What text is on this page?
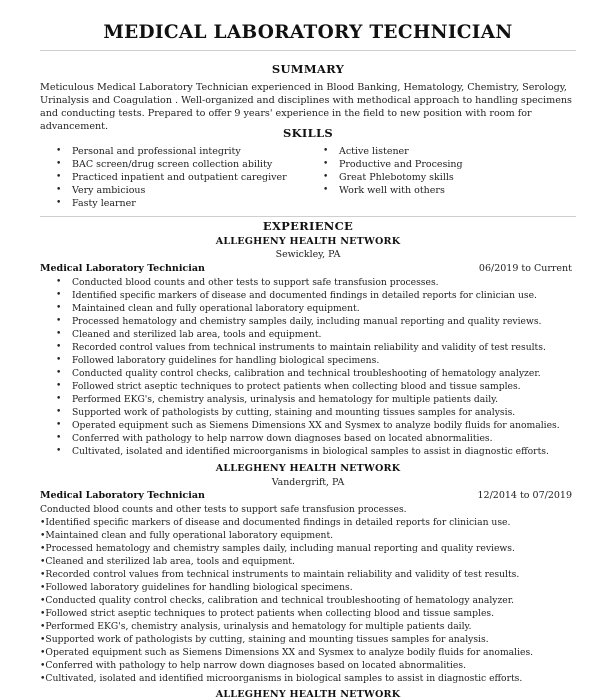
MEDICAL LABORATORY TECHNICIAN
SUMMARY
Meticulous Medical Laboratory Technician experienced in Blood Banking, Hematology, Chemistry, Serology, Urinalysis and Coagulation . Well-organized and disciplines with methodical approach to handling specimens and conducting tests. Prepared to offer 9 years' experience in the field to new position with room for advancement.	SKILLS
• Personal and professional integrity
• BAC screen/drug screen collection ability
• Practiced inpatient and outpatient caregiver
• Very ambicious
• Fasty learner
• Active listener
• Productive and Procesing
• Great Phlebotomy skills
• Work well with others
EXPERIENCE
ALLEGHENY HEALTH NETWORK
Sewickley, PA
Medical Laboratory Technician	06/2019 to Current
• Conducted blood counts and other tests to support safe transfusion processes.
• Identified specific markers of disease and documented findings in detailed reports for clinician use.
• Maintained clean and fully operational laboratory equipment.
• Processed hematology and chemistry samples daily, including manual reporting and quality reviews.
• Cleaned and sterilized lab area, tools and equipment.
• Recorded control values from technical instruments to maintain reliability and validity of test results.
• Followed laboratory guidelines for handling biological specimens.
• Conducted quality control checks, calibration and technical troubleshooting of hematology analyzer.
• Followed strict aseptic techniques to protect patients when collecting blood and tissue samples.
• Performed EKG's, chemistry analysis, urinalysis and hematology for multiple patients daily.
• Supported work of pathologists by cutting, staining and mounting tissues samples for analysis.
• Operated equipment such as Siemens Dimensions XX and Sysmex to analyze bodily fluids for anomalies.
• Conferred with pathology to help narrow down diagnoses based on located abnormalities.
• Cultivated, isolated and identified microorganisms in biological samples to assist in diagnostic efforts.
ALLEGHENY HEALTH NETWORK
Vandergrift, PA
Medical Laboratory Technician	12/2014 to 07/2019
Conducted blood counts and other tests to support safe transfusion processes.
•Identified specific markers of disease and documented findings in detailed reports for clinician use.
•Maintained clean and fully operational laboratory equipment.
•Processed hematology and chemistry samples daily, including manual reporting and quality reviews.
•Cleaned and sterilized lab area, tools and equipment.
•Recorded control values from technical instruments to maintain reliability and validity of test results.
•Followed laboratory guidelines for handling biological specimens.
•Conducted quality control checks, calibration and technical troubleshooting of hematology analyzer.
•Followed strict aseptic techniques to protect patients when collecting blood and tissue samples.
•Performed EKG's, chemistry analysis, urinalysis and hematology for multiple patients daily.
•Supported work of pathologists by cutting, staining and mounting tissues samples for analysis.
•Operated equipment such as Siemens Dimensions XX and Sysmex to analyze bodily fluids for anomalies.
•Conferred with pathology to help narrow down diagnoses based on located abnormalities.
•Cultivated, isolated and identified microorganisms in biological samples to assist in diagnostic efforts.
ALLEGHENY HEALTH NETWORK
